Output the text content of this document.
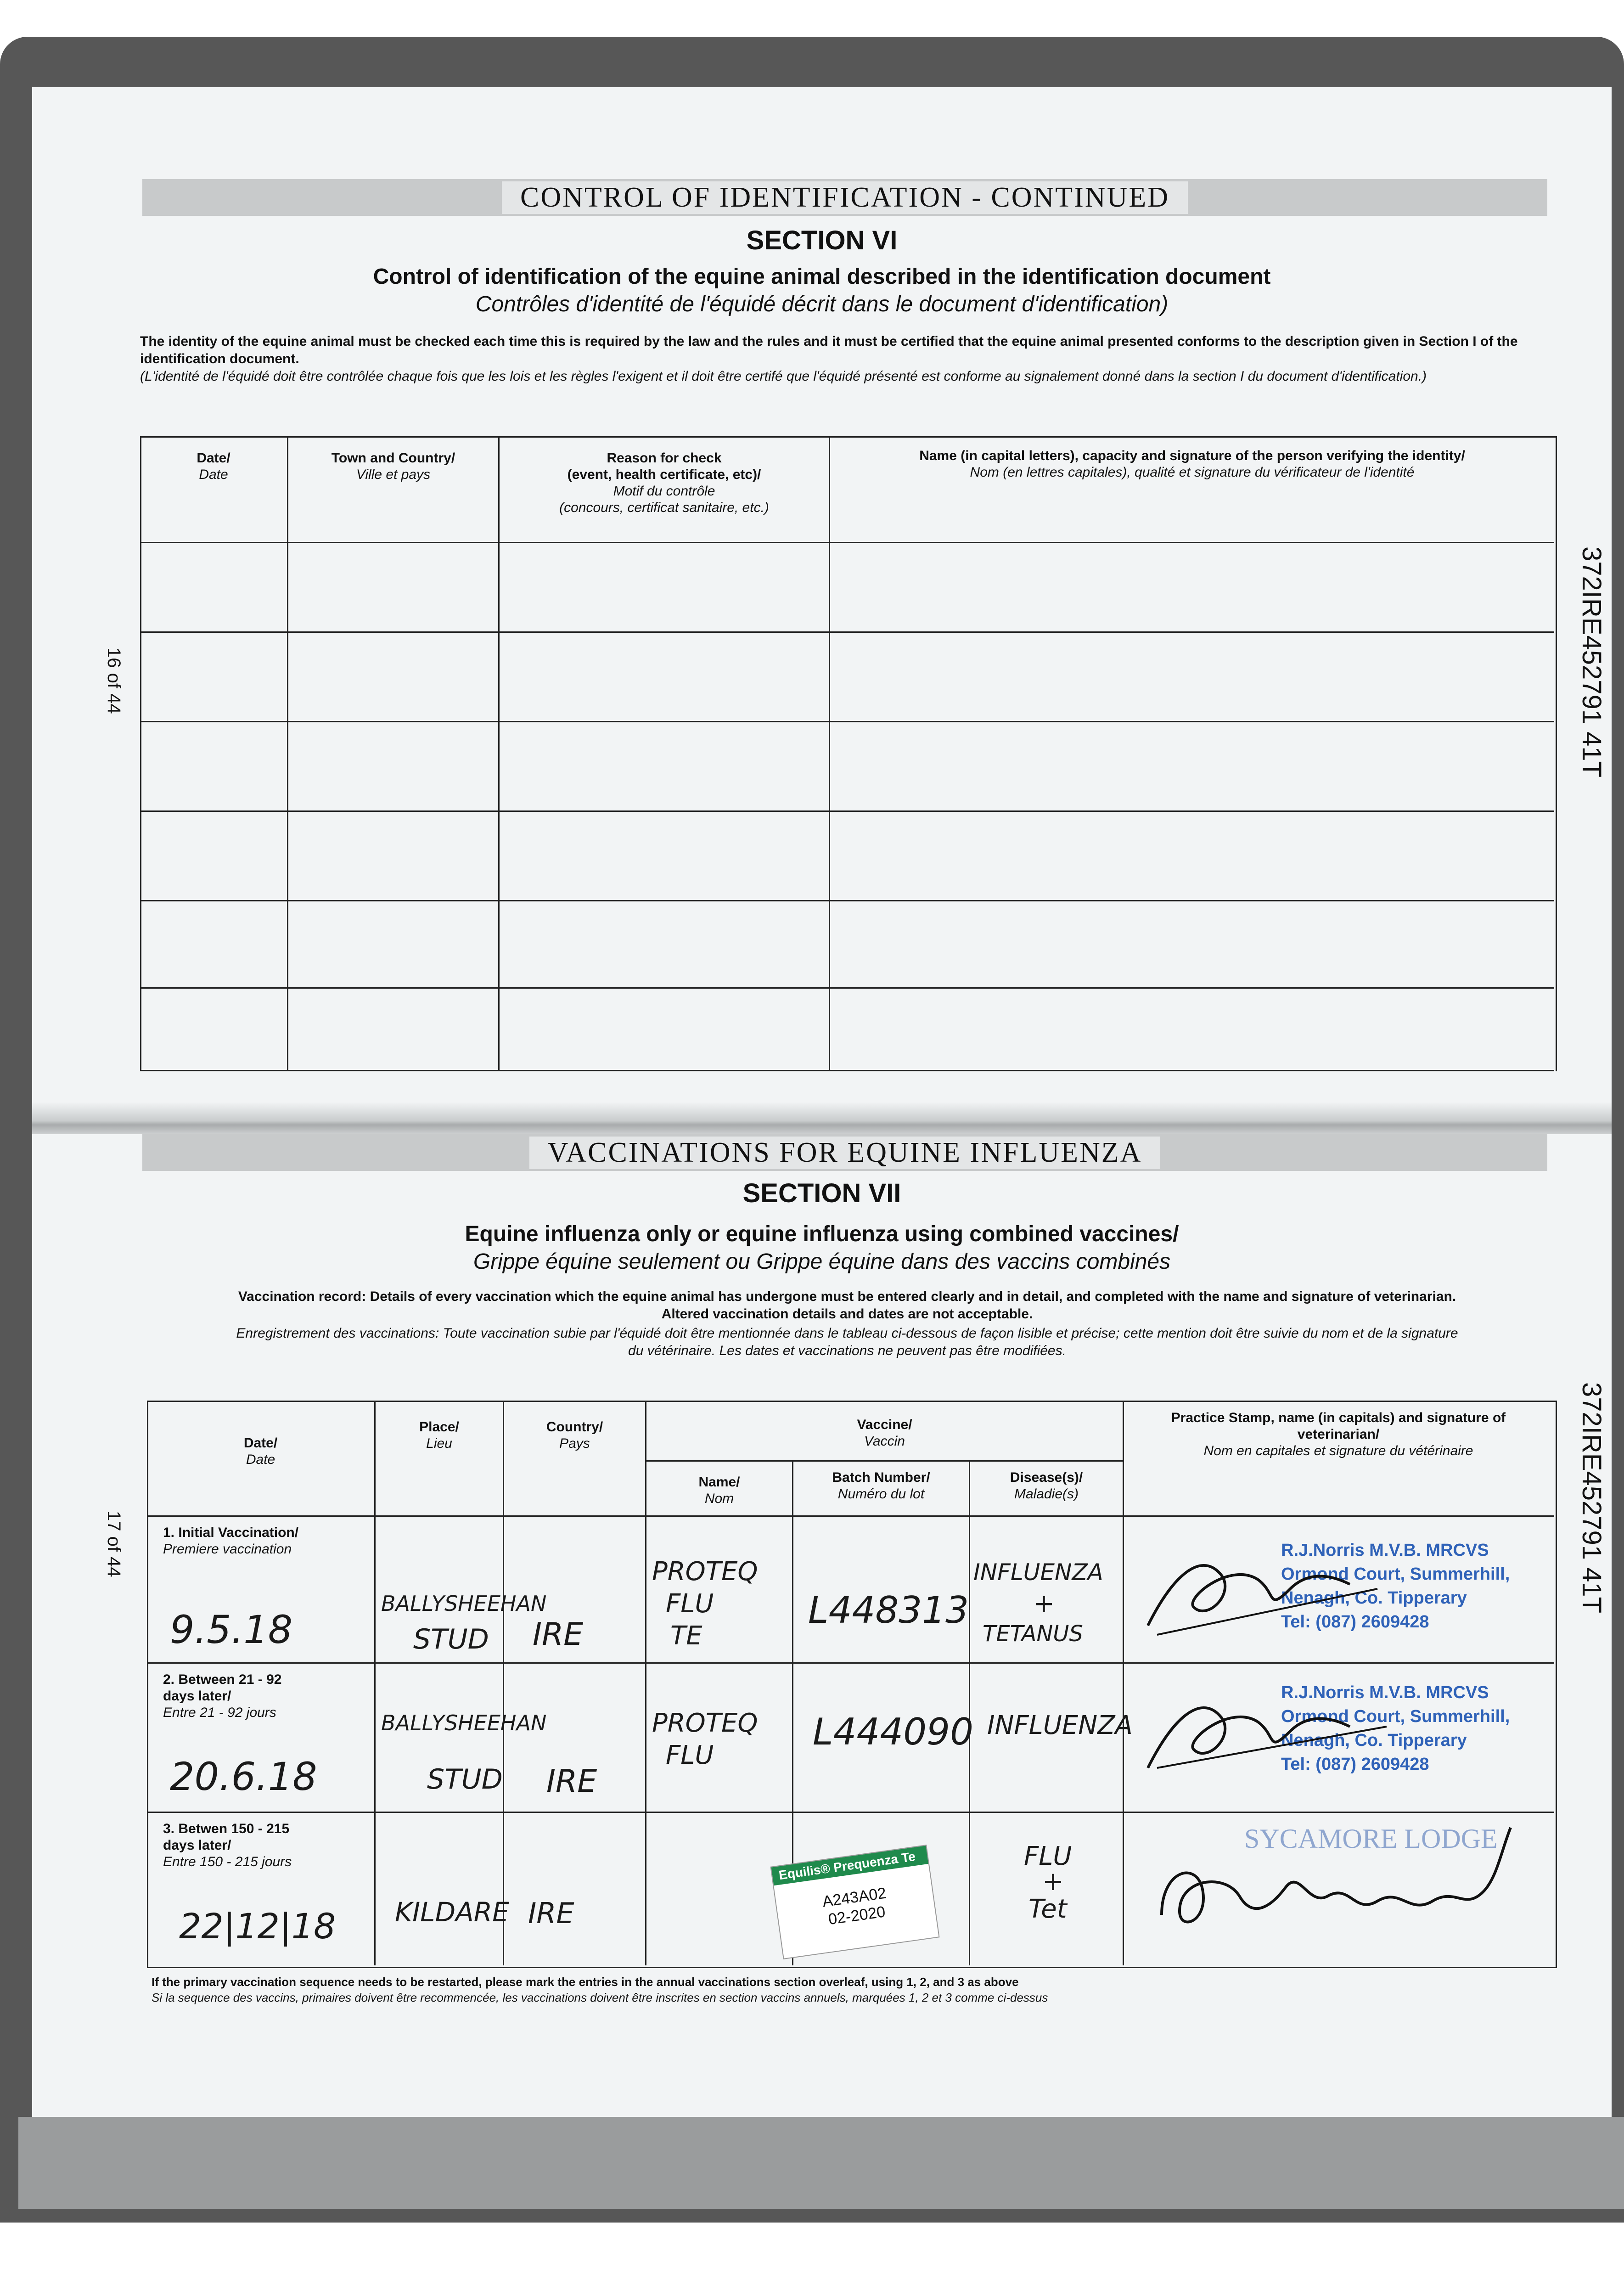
CONTROL OF IDENTIFICATION - CONTINUED
SECTION VI
Control of identification of the equine animal described in the identification document
Contrôles d'identité de l'équidé décrit dans le document d'identification)
The identity of the equine animal must be checked each time this is required by the law and the rules and it must be certified that the equine animal presented conforms to the description given in Section I of the identification document.
(L'identité de l'équidé doit être contrôlée chaque fois que les lois et les règles l'exigent et il doit être certifé que l'équidé présenté est conforme au signalement donné dans la section I du document d'identification.)
16 of 44	372IRE452791 41T
Date/
Date
Town and Country/
Ville et pays
Reason for check
(event, health certificate, etc)/
Motif du contrôle
(concours, certificat sanitaire, etc.)
Name (in capital letters), capacity and signature of the person verifying the identity/
Nom (en lettres capitales), qualité et signature du vérificateur de l'identité
VACCINATIONS FOR EQUINE INFLUENZA
SECTION VII
Equine influenza only or equine influenza using combined vaccines/
Grippe équine seulement ou Grippe équine dans des vaccins combinés
Vaccination record: Details of every vaccination which the equine animal has undergone must be entered clearly and in detail, and completed with the name and signature of veterinarian.
Altered vaccination details and dates are not acceptable.
Enregistrement des vaccinations: Toute vaccination subie par l'équidé doit être mentionnée dans le tableau ci-dessous de façon lisible et précise; cette mention doit être suivie du nom et de la signature
du vétérinaire. Les dates et vaccinations ne peuvent pas être modifiées.
17 of 44	372IRE452791 41T
Date/
Date
Place/
Lieu
Country/
Pays
Vaccine/
Vaccin
Name/
Nom
Batch Number/
Numéro du lot
Disease(s)/
Maladie(s)
Practice Stamp, name (in capitals) and signature of veterinarian/
Nom en capitales et signature du vétérinaire
1. Initial Vaccination/
Premiere vaccination
9.5.18
BALLYSHEEHAN
STUD IRE
PROTEQ
FLU
TE
L448313
INFLUENZA
+
TETANUS
R.J.Norris M.V.B. MRCVS
Ormond Court, Summerhill,
Nenagh, Co. Tipperary
Tel: (087) 2609428
2. Between 21 - 92
days later/
Entre 21 - 92 jours
20.6.18
BALLYSHEEHAN
STUD IRE
PROTEQ
FLU
L444090 INFLUENZA
R.J.Norris M.V.B. MRCVS
Ormond Court, Summerhill,
Nenagh, Co. Tipperary
Tel: (087) 2609428
3. Betwen 150 - 215
days later/
Entre 150 - 215 jours
22|12|18 KILDARE IRE
Equilis® Prequenza Te
A243A02
02-2020
FLU
+
Tet
SYCAMORE LODGE
If the primary vaccination sequence needs to be restarted, please mark the entries in the annual vaccinations section overleaf, using 1, 2, and 3 as above
Si la sequence des vaccins, primaires doivent être recommencée, les vaccinations doivent être inscrites en section vaccins annuels, marquées 1, 2 et 3 comme ci-dessus
